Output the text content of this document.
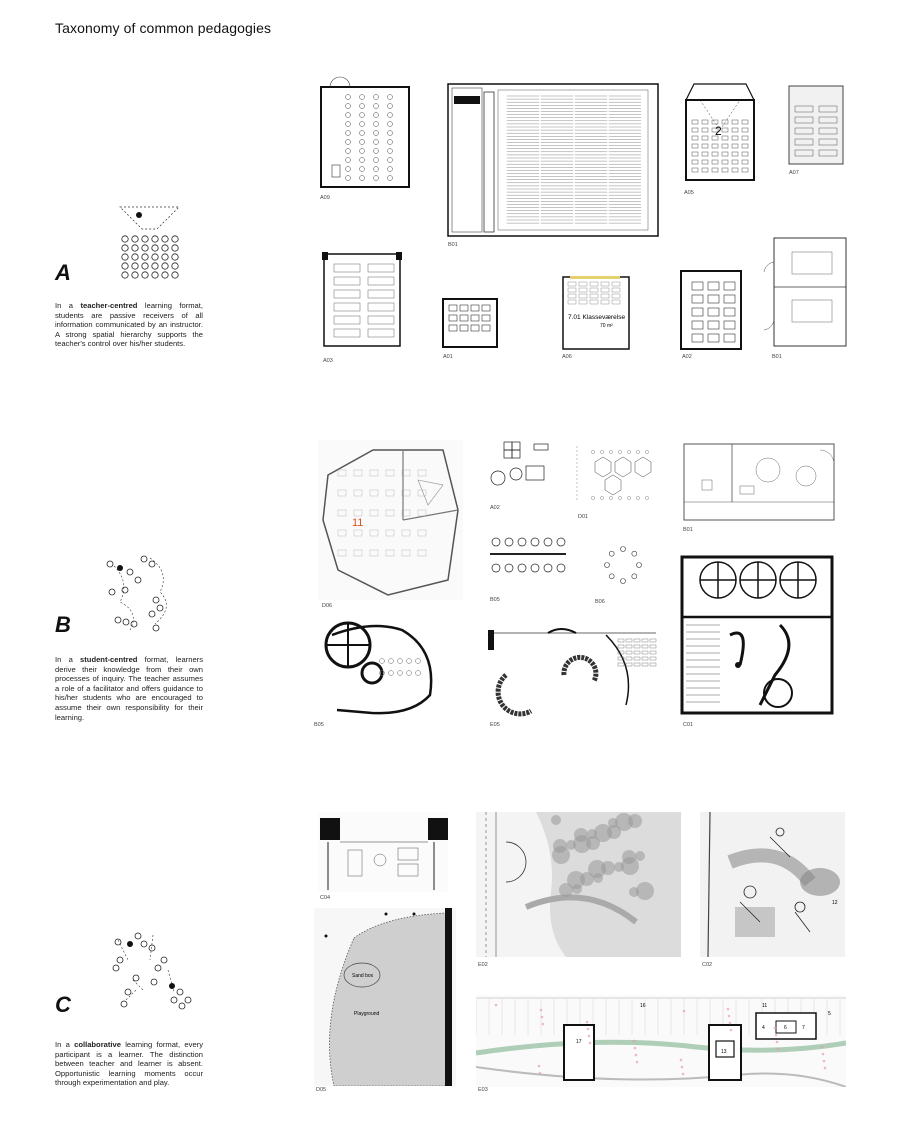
Taxonomy of common pedagogies
A
In a teacher-centred learning format, students are passive receivers of all information communicated by an instructor. A strong spatial hierarchy supports the teacher's control over his/her students.
A09
B01
2
A05
A07
A03
A01
7.01 Klasseværelse
70 m²
A06	A02	B01
B
In a student-centred format, learners derive their knowledge from their own processes of inquiry. The teacher assumes a role of a facilitator and offers guidance to his/her students who are encouraged to assume their own responsibility for their learning.
11
D06
A02
D01
B01
B05	B06
B05	E05	C01
C
In a collaborative learning format, every participant is a learner. The distinction between teacher and learner is absent. Opportunistic learning moments occur through experimentation and play.
C04
E02
12
C02
Sand box
Playground
D05
16
17
13
11
4	6	7
5
E03
